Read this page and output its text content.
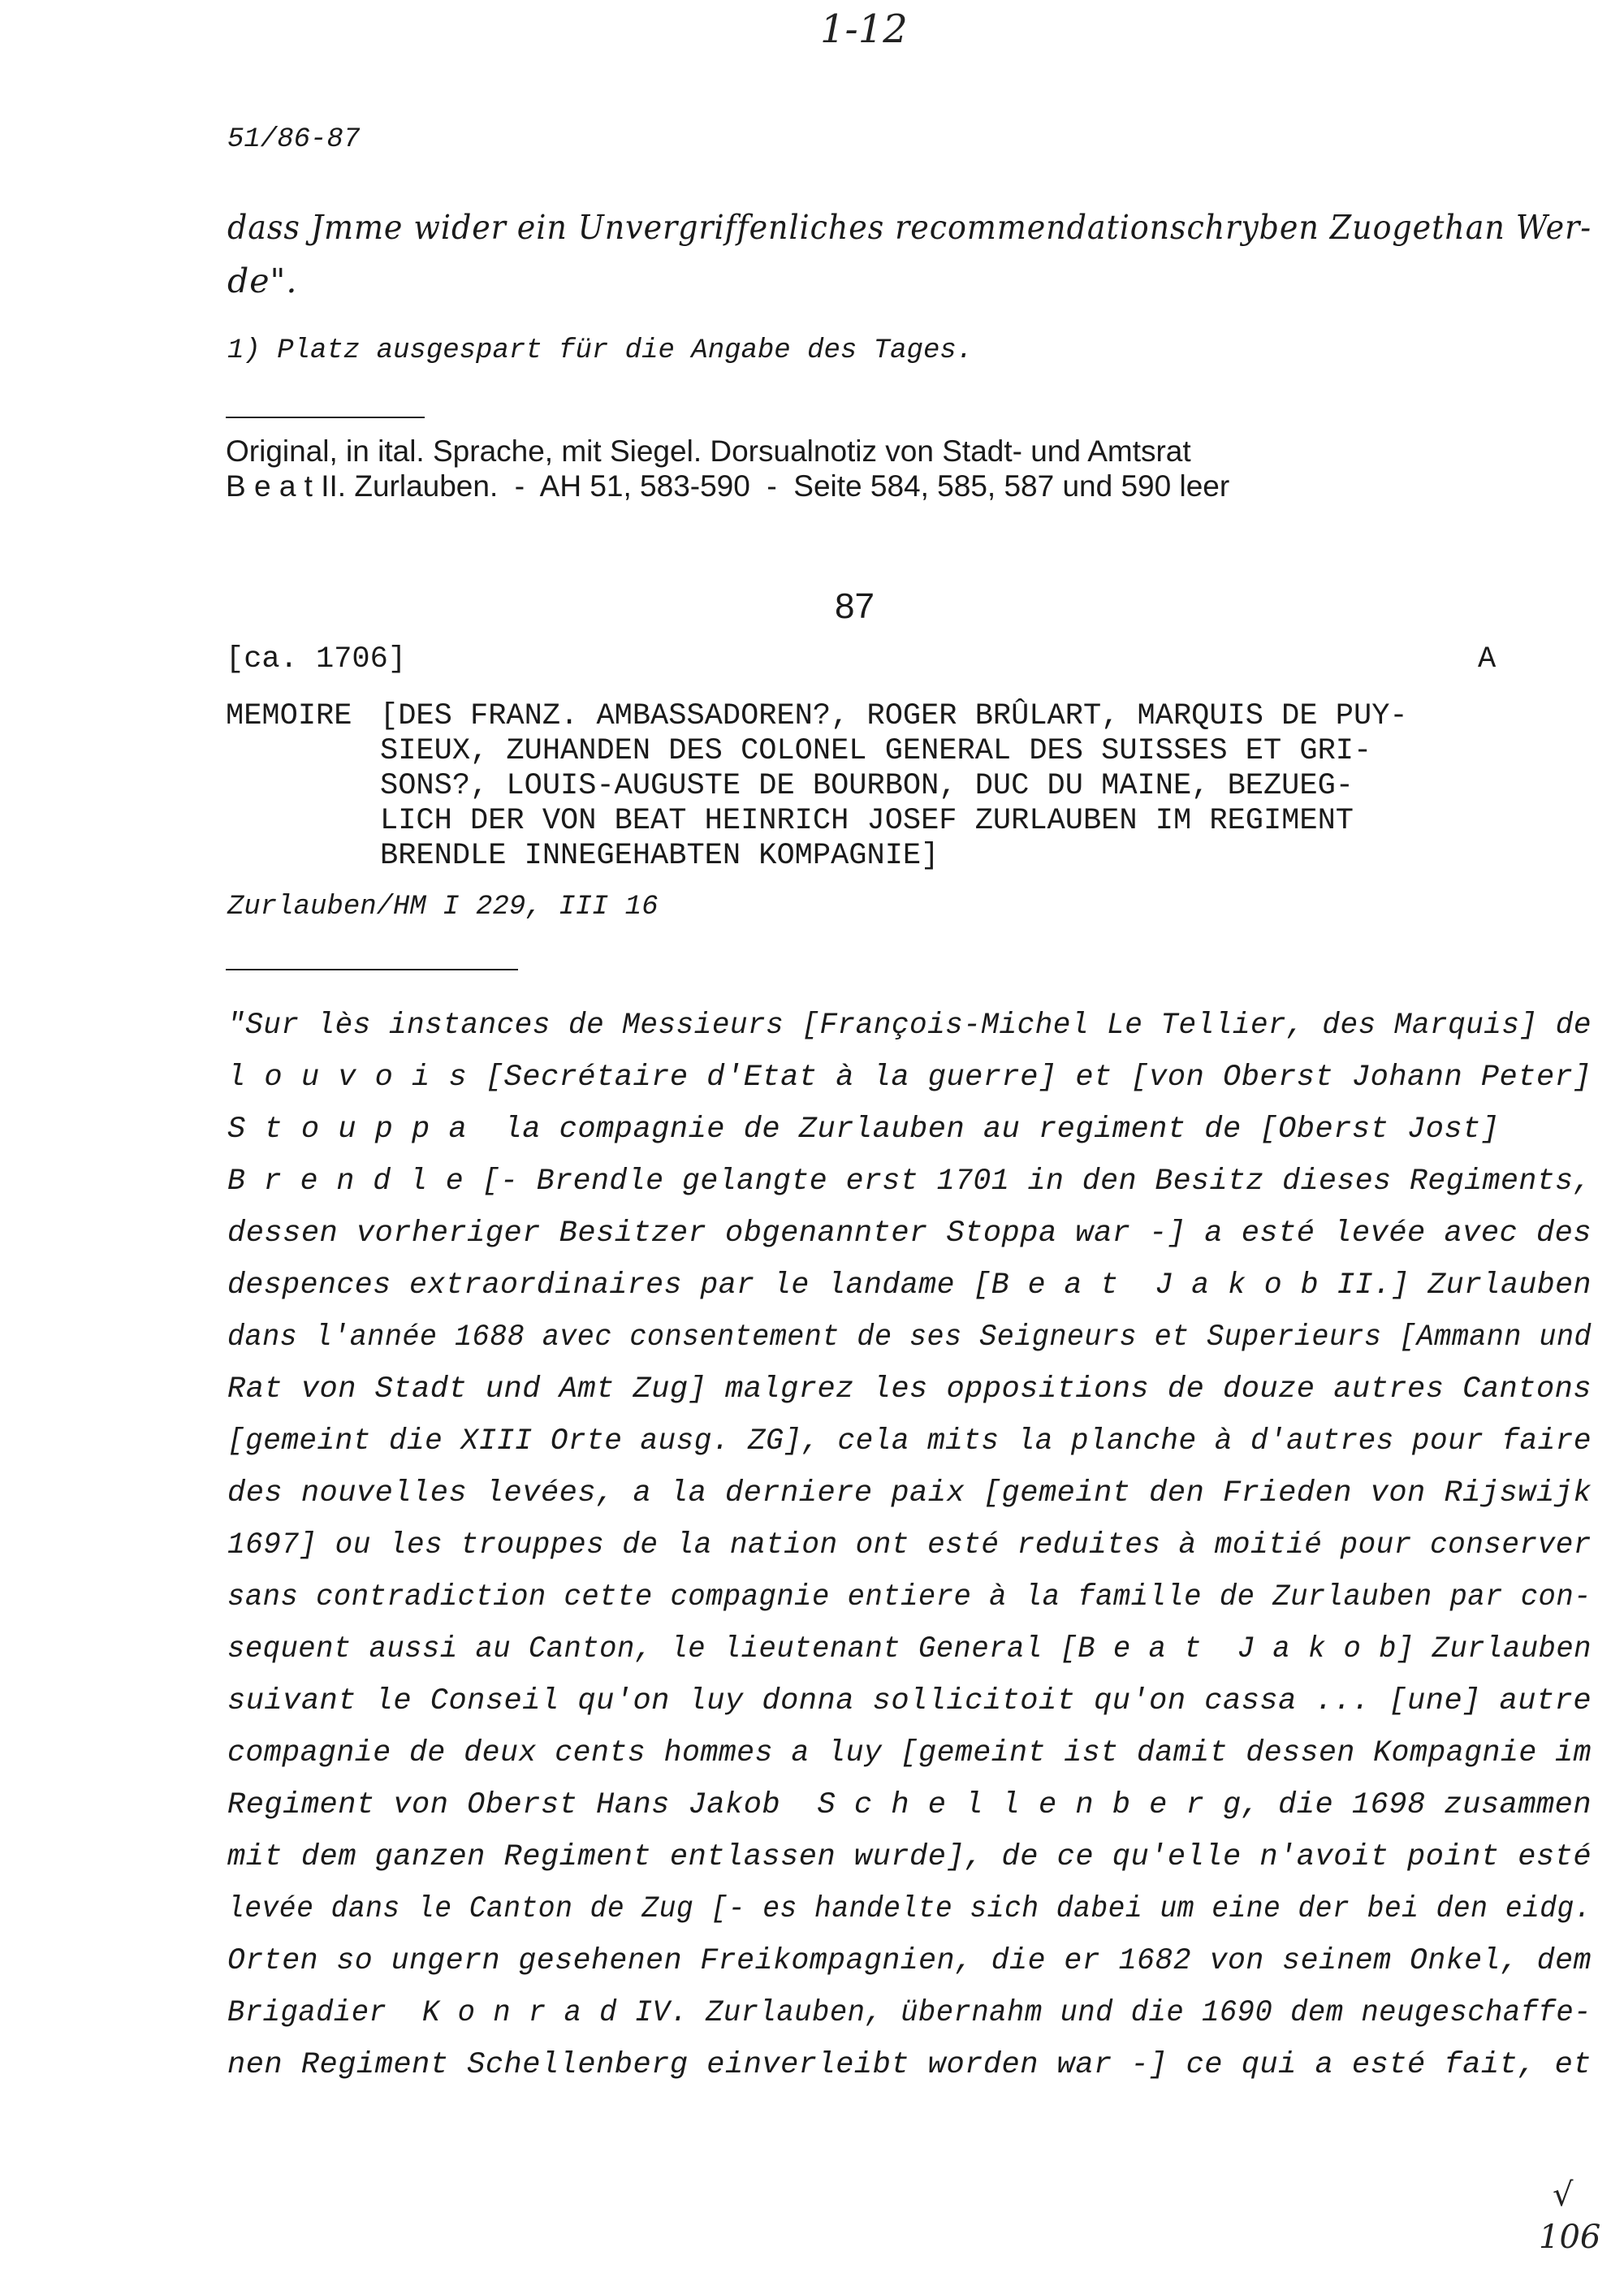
1-12
51/86-87
dass Jmme wider ein Unvergriffenliches recommendationschryben Zuogethan Wer-
de".
1) Platz ausgespart für die Angabe des Tages.
Original, in ital. Sprache, mit Siegel. Dorsualnotiz von Stadt- und Amtsrat
B e a t II. Zurlauben.  -  AH 51, 583-590  -  Seite 584, 585, 587 und 590 leer
87
[ca. 1706]	A
MEMOIRE [DES FRANZ. AMBASSADOREN?, ROGER BRÛLART, MARQUIS DE PUY-
SIEUX, ZUHANDEN DES COLONEL GENERAL DES SUISSES ET GRI-
SONS?, LOUIS-AUGUSTE DE BOURBON, DUC DU MAINE, BEZUEG-
LICH DER VON BEAT HEINRICH JOSEF ZURLAUBEN IM REGIMENT
BRENDLE INNEGEHABTEN KOMPAGNIE]
Zurlauben/HM I 229, III 16
"Sur lès instances de Messieurs [François-Michel Le Tellier, des Marquis] de
l o u v o i s [Secrétaire d'Etat à la guerre] et [von Oberst Johann Peter]
S t o u p p a  la compagnie de Zurlauben au regiment de [Oberst Jost]
B r e n d l e [- Brendle gelangte erst 1701 in den Besitz dieses Regiments,
dessen vorheriger Besitzer obgenannter Stoppa war -] a esté levée avec des
despences extraordinaires par le landame [B e a t  J a k o b II.] Zurlauben
dans l'année 1688 avec consentement de ses Seigneurs et Superieurs [Ammann und
Rat von Stadt und Amt Zug] malgrez les oppositions de douze autres Cantons
[gemeint die XIII Orte ausg. ZG], cela mits la planche à d'autres pour faire
des nouvelles levées, a la derniere paix [gemeint den Frieden von Rijswijk
1697] ou les trouppes de la nation ont esté reduites à moitié pour conserver
sans contradiction cette compagnie entiere à la famille de Zurlauben par con-
sequent aussi au Canton, le lieutenant General [B e a t  J a k o b] Zurlauben
suivant le Conseil qu'on luy donna sollicitoit qu'on cassa ... [une] autre
compagnie de deux cents hommes a luy [gemeint ist damit dessen Kompagnie im
Regiment von Oberst Hans Jakob  S c h e l l e n b e r g, die 1698 zusammen
mit dem ganzen Regiment entlassen wurde], de ce qu'elle n'avoit point esté
levée dans le Canton de Zug [- es handelte sich dabei um eine der bei den eidg.
Orten so ungern gesehenen Freikompagnien, die er 1682 von seinem Onkel, dem
Brigadier  K o n r a d IV. Zurlauben, übernahm und die 1690 dem neugeschaffe-
nen Regiment Schellenberg einverleibt worden war -] ce qui a esté fait, et
√
106
